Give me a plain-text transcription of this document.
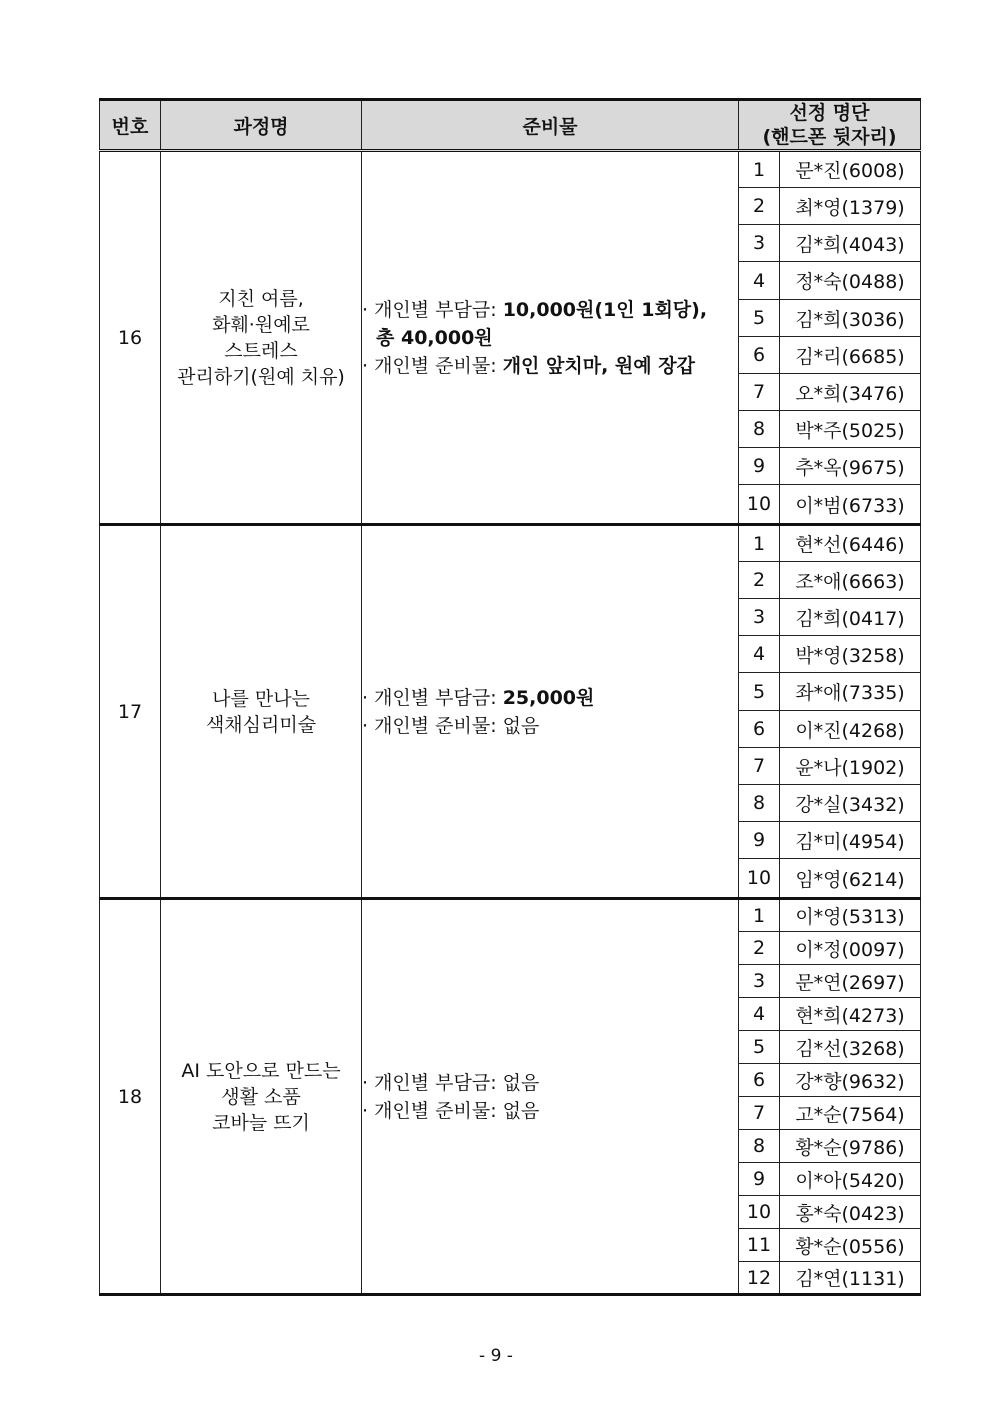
번호	과정명	준비물	선정 명단
(핸드폰 뒷자리)	

16	지친 여름,
화훼·원예로
스트레스
관리하기(원예 치유)	· 개인별 부담금: 10,000원(1인 1회당),
총 40,000원
· 개인별 준비물: 개인 앞치마, 원예 장갑	1	문*진(6008)
			2	최*영(1379)
			3	김*희(4043)
			4	정*숙(0488)
			5	김*희(3036)
			6	김*리(6685)
			7	오*희(3476)
			8	박*주(5025)
			9	추*옥(9675)
			10	이*범(6733)
17	나를 만나는
색채심리미술	· 개인별 부담금: 25,000원
· 개인별 준비물: 없음	1	현*선(6446)
			2	조*애(6663)
			3	김*희(0417)
			4	박*영(3258)
			5	좌*애(7335)
			6	이*진(4268)
			7	윤*나(1902)
			8	강*실(3432)
			9	김*미(4954)
			10	임*영(6214)
18	AI 도안으로 만드는
생활 소품
코바늘 뜨기	· 개인별 부담금: 없음
· 개인별 준비물: 없음	1	이*영(5313)
			2	이*정(0097)
			3	문*연(2697)
			4	현*희(4273)
			5	김*선(3268)
			6	강*향(9632)
			7	고*순(7564)
			8	황*순(9786)
			9	이*아(5420)
			10	홍*숙(0423)
			11	황*순(0556)
			12	김*연(1131)
- 9 -
